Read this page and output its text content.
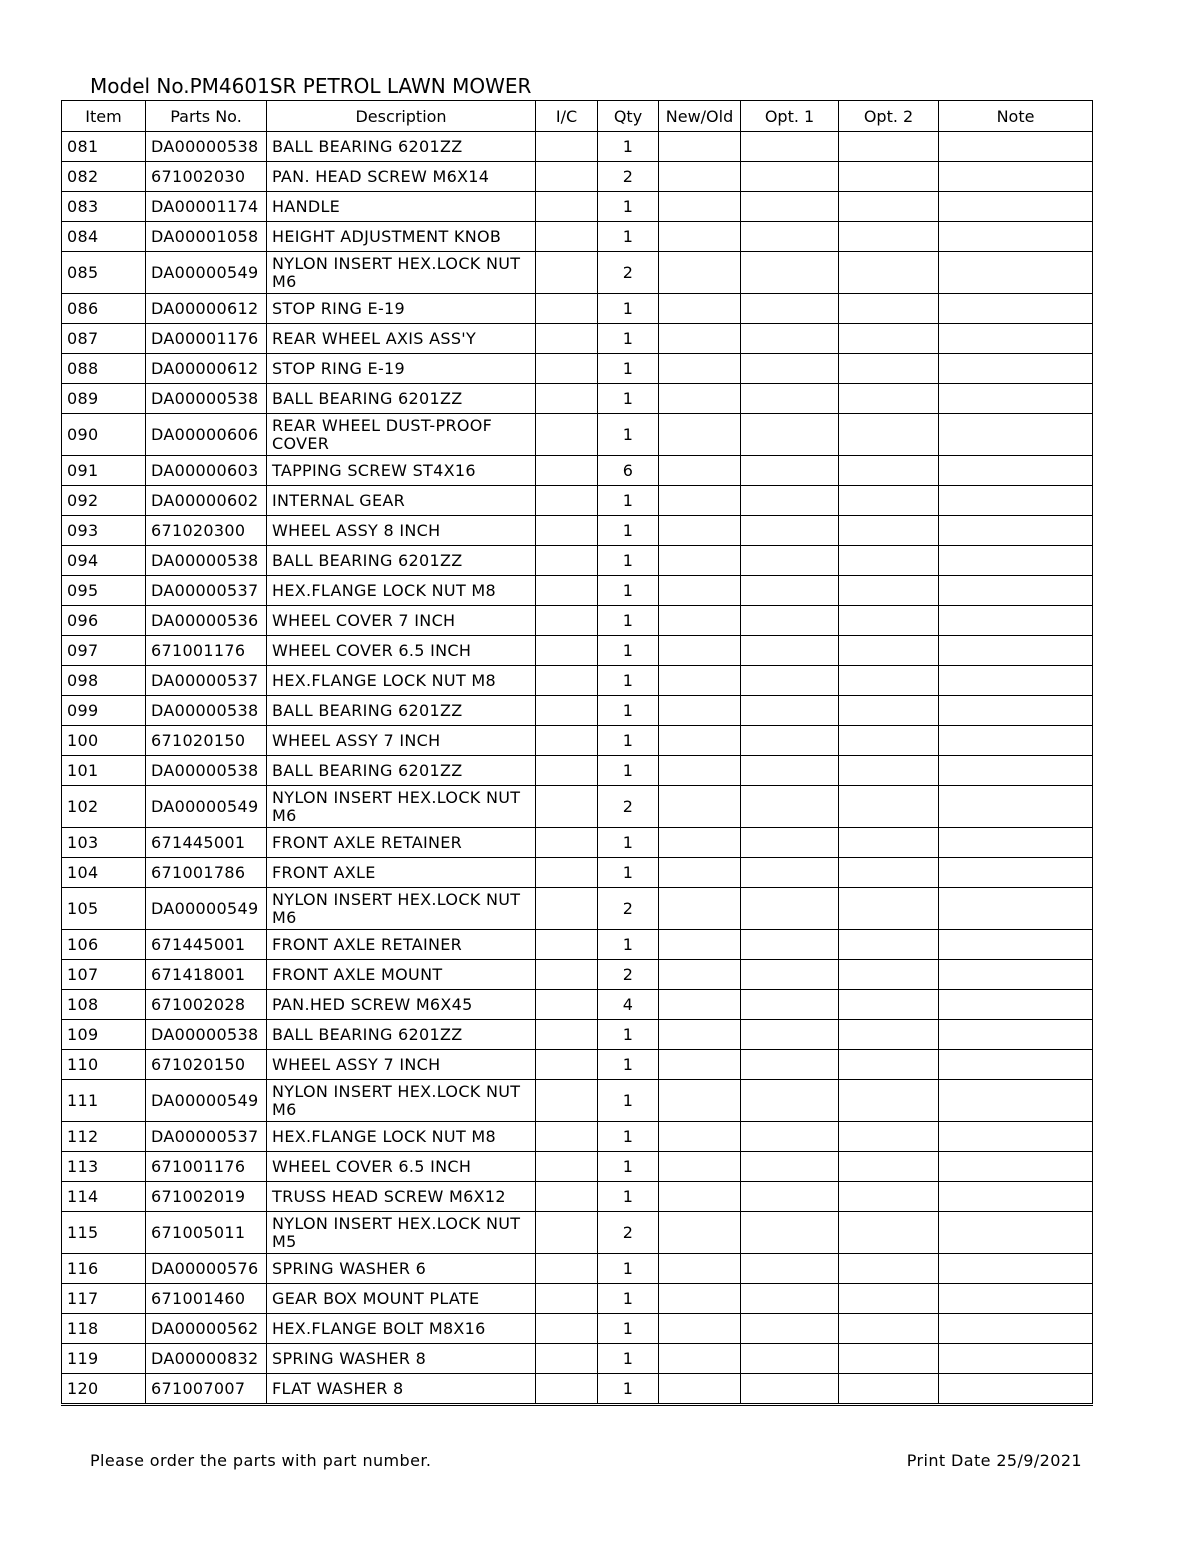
Model No.PM4601SR PETROL LAWN MOWER
Item	Parts No.	Description	I/C	Qty	New/Old	Opt. 1	Opt. 2	Note
081	DA00000538	BALL BEARING 6201ZZ		1				
082	671002030	PAN. HEAD SCREW M6X14		2				
083	DA00001174	HANDLE		1				
084	DA00001058	HEIGHT ADJUSTMENT KNOB		1				
085	DA00000549	NYLON INSERT HEX.LOCK NUT M6		2				
086	DA00000612	STOP RING E-19		1				
087	DA00001176	REAR WHEEL AXIS ASS'Y		1				
088	DA00000612	STOP RING E-19		1				
089	DA00000538	BALL BEARING 6201ZZ		1				
090	DA00000606	REAR WHEEL DUST-PROOF COVER		1				
091	DA00000603	TAPPING SCREW ST4X16		6				
092	DA00000602	INTERNAL GEAR		1				
093	671020300	WHEEL ASSY 8 INCH		1				
094	DA00000538	BALL BEARING 6201ZZ		1				
095	DA00000537	HEX.FLANGE LOCK NUT M8		1				
096	DA00000536	WHEEL COVER 7 INCH		1				
097	671001176	WHEEL COVER 6.5 INCH		1				
098	DA00000537	HEX.FLANGE LOCK NUT M8		1				
099	DA00000538	BALL BEARING 6201ZZ		1				
100	671020150	WHEEL ASSY 7 INCH		1				
101	DA00000538	BALL BEARING 6201ZZ		1				
102	DA00000549	NYLON INSERT HEX.LOCK NUT M6		2				
103	671445001	FRONT AXLE RETAINER		1				
104	671001786	FRONT AXLE		1				
105	DA00000549	NYLON INSERT HEX.LOCK NUT M6		2				
106	671445001	FRONT AXLE RETAINER		1				
107	671418001	FRONT AXLE MOUNT		2				
108	671002028	PAN.HED SCREW M6X45		4				
109	DA00000538	BALL BEARING 6201ZZ		1				
110	671020150	WHEEL ASSY 7 INCH		1				
111	DA00000549	NYLON INSERT HEX.LOCK NUT M6		1				
112	DA00000537	HEX.FLANGE LOCK NUT M8		1				
113	671001176	WHEEL COVER 6.5 INCH		1				
114	671002019	TRUSS HEAD SCREW M6X12		1				
115	671005011	NYLON INSERT HEX.LOCK NUT M5		2				
116	DA00000576	SPRING WASHER 6		1				
117	671001460	GEAR BOX MOUNT PLATE		1				
118	DA00000562	HEX.FLANGE BOLT M8X16		1				
119	DA00000832	SPRING WASHER 8		1				
120	671007007	FLAT WASHER 8		1				
Please order the parts with part number.	Print Date 25/9/2021
